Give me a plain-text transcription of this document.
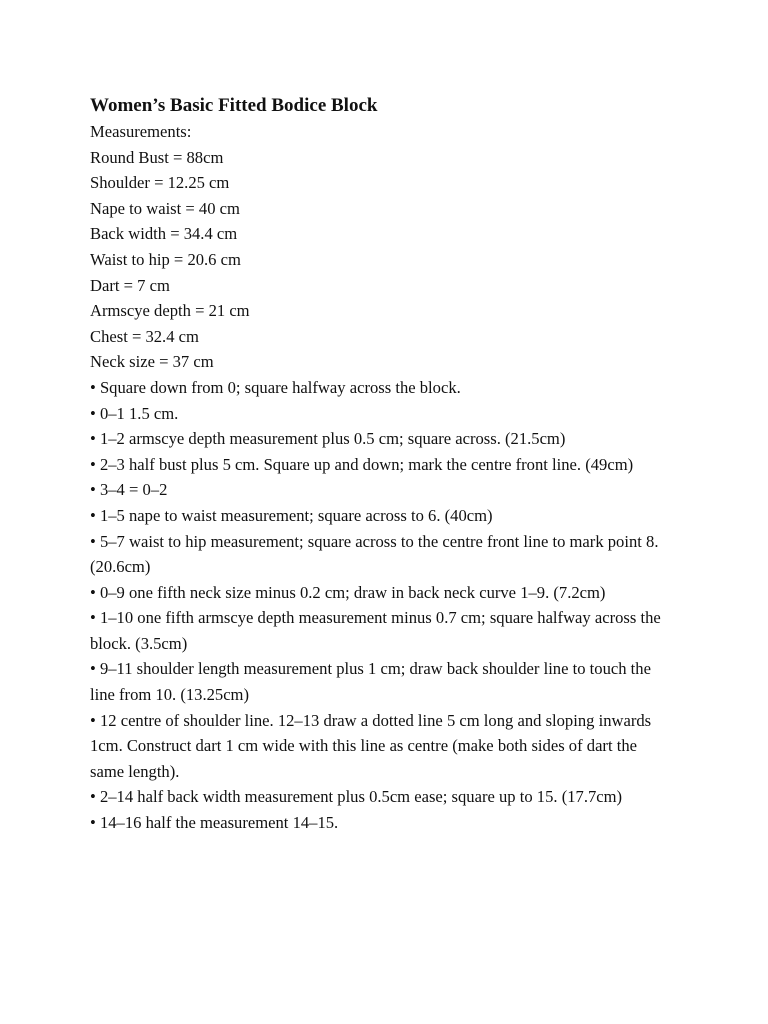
Women’s Basic Fitted Bodice Block
Measurements:
Round Bust = 88cm
Shoulder = 12.25 cm
Nape to waist = 40 cm
Back width = 34.4 cm
Waist to hip = 20.6 cm
Dart = 7 cm
Armscye depth = 21 cm
Chest = 32.4 cm
Neck size = 37 cm
• Square down from 0; square halfway across the block.
• 0–1 1.5 cm.
• 1–2 armscye depth measurement plus 0.5 cm; square across. (21.5cm)
• 2–3 half bust plus 5 cm. Square up and down; mark the centre front line. (49cm)
• 3–4 = 0–2
• 1–5 nape to waist measurement; square across to 6. (40cm)
• 5–7 waist to hip measurement; square across to the centre front line to mark point 8.(20.6cm)
• 0–9 one fifth neck size minus 0.2 cm; draw in back neck curve 1–9. (7.2cm)
• 1–10 one fifth armscye depth measurement minus 0.7 cm; square halfway across the block. (3.5cm)
• 9–11 shoulder length measurement plus 1 cm; draw back shoulder line to touch the line from 10. (13.25cm)
• 12 centre of shoulder line. 12–13 draw a dotted line 5 cm long and sloping inwards 1cm. Construct dart 1 cm wide with this line as centre (make both sides of dart the same length).
• 2–14 half back width measurement plus 0.5cm ease; square up to 15. (17.7cm)
• 14–16 half the measurement 14–15.
